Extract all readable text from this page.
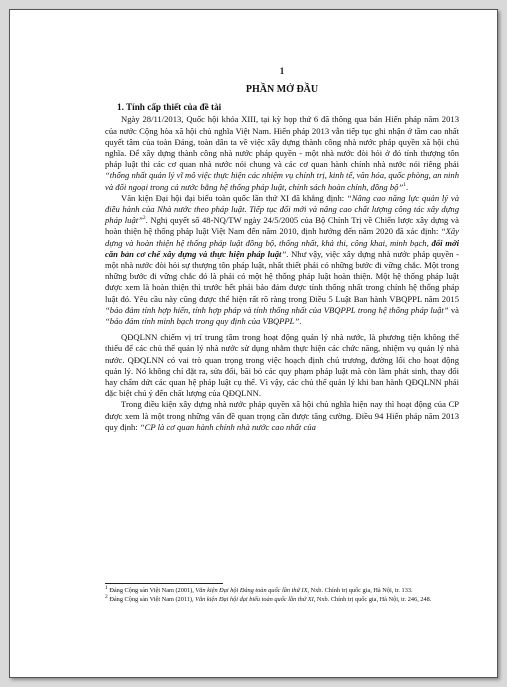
1

PHẦN MỞ ĐẦU

1. Tính cấp thiết của đề tài

Ngày 28/11/2013, Quốc hội khóa XIII, tại kỳ họp thứ 6 đã thông qua bản Hiến pháp năm 2013 của nước Cộng hòa xã hội chủ nghĩa Việt Nam. Hiến pháp 2013 vẫn tiếp tục ghi nhận ở tầm cao nhất quyết tâm của toàn Đảng, toàn dân ta về việc xây dựng thành công nhà nước pháp quyền xã hội chủ nghĩa. Để xây dựng thành công nhà nước pháp quyền - một nhà nước đòi hỏi ở đó tính thượng tôn pháp luật thì các cơ quan nhà nước nói chung và các cơ quan hành chính nhà nước nói riêng phải “thống nhất quản lý vĩ mô việc thực hiện các nhiệm vụ chính trị, kinh tế, văn hóa, quốc phòng, an ninh và đối ngoại trong cả nước bằng hệ thống pháp luật, chính sách hoàn chỉnh, đồng bộ”$^1$.

Văn kiện Đại hội đại biểu toàn quốc lần thứ XI đã khẳng định: “Nâng cao năng lực quản lý và điều hành của Nhà nước theo pháp luật. Tiếp tục đổi mới và nâng cao chất lượng công tác xây dựng pháp luật”$^2$. Nghị quyết số 48-NQ/TW ngày 24/5/2005 của Bộ Chính Trị về Chiến lược xây dựng và hoàn thiện hệ thống pháp luật Việt Nam đến năm 2010, định hướng đến năm 2020 đã xác định: “Xây dựng và hoàn thiện hệ thống pháp luật đồng bộ, thống nhất, khả thi, công khai, minh bạch, đổi mới căn bản cơ chế xây dựng và thực hiện pháp luật”. Như vậy, việc xây dựng nhà nước pháp quyền - một nhà nước đòi hỏi sự thượng tôn pháp luật, nhất thiết phải có những bước đi vững chắc. Một trong những bước đi vững chắc đó là phải có một hệ thống pháp luật hoàn thiện. Một hệ thống pháp luật được xem là hoàn thiện thì trước hết phải bảo đảm được tính thống nhất trong chính hệ thống pháp luật đó. Yêu cầu này cũng được thể hiện rất rõ ràng trong Điều 5 Luật Ban hành VBQPPL năm 2015 “bảo đảm tính hợp hiến, tính hợp pháp và tính thống nhất của VBQPPL trong hệ thống pháp luật” và “bảo đảm tính minh bạch trong quy định của VBQPPL”.

QĐQLNN chiếm vị trí trung tâm trong hoạt động quản lý nhà nước, là phương tiện không thể thiếu để các chủ thể quản lý nhà nước sử dụng nhằm thực hiện các chức năng, nhiệm vụ quản lý nhà nước. QĐQLNN có vai trò quan trọng trong việc hoạch định chủ trương, đường lối cho hoạt động quản lý. Nó không chỉ đặt ra, sửa đổi, bãi bỏ các quy phạm pháp luật mà còn làm phát sinh, thay đổi hay chấm dứt các quan hệ pháp luật cụ thể. Vì vậy, các chủ thể quản lý khi ban hành QĐQLNN phải đặc biệt chú ý đến chất lượng của QĐQLNN.

Trong điều kiện xây dựng nhà nước pháp quyền xã hội chủ nghĩa hiện nay thì hoạt động của CP được xem là một trong những vấn đề quan trọng cần được tăng cường. Điều 94 Hiến pháp năm 2013 quy định: “CP là cơ quan hành chính nhà nước cao nhất của

$^1$ Đảng Cộng sản Việt Nam (2001), Văn kiện Đại hội Đảng toàn quốc lần thứ IX, Nxb. Chính trị quốc gia, Hà Nội, tr. 133.

$^2$ Đảng Cộng sản Việt Nam (2011), Văn kiện Đại hội đại biểu toàn quốc lần thứ XI, Nxb. Chính trị quốc gia, Hà Nội, tr. 246, 248.
